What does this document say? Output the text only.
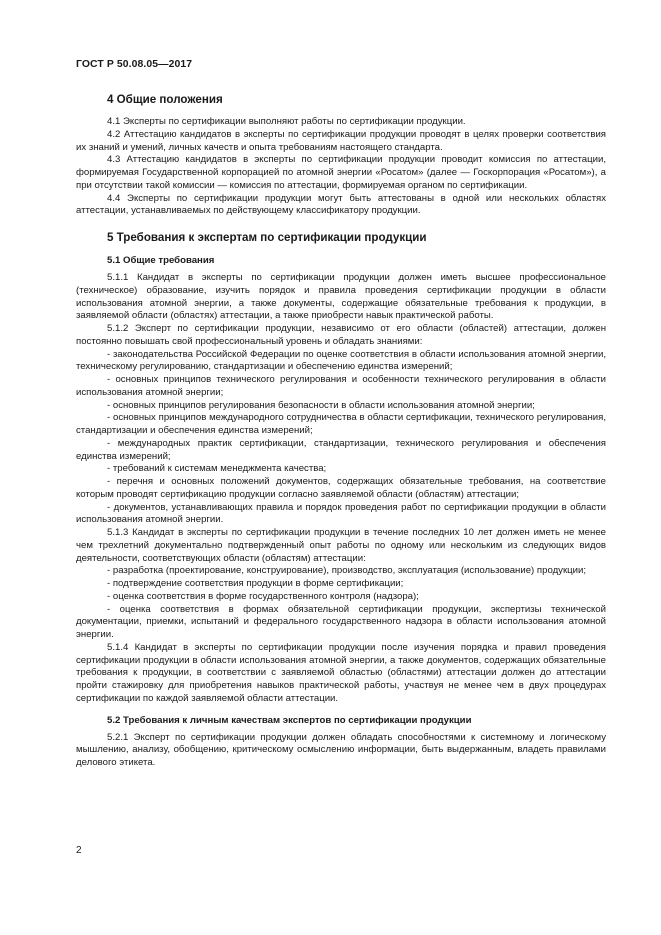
ГОСТ Р 50.08.05—2017
4 Общие положения

4.1 Эксперты по сертификации выполняют работы по сертификации продукции.

4.2 Аттестацию кандидатов в эксперты по сертификации продукции проводят в целях проверки соответствия их знаний и умений, личных качеств и опыта требованиям настоящего стандарта.

4.3 Аттестацию кандидатов в эксперты по сертификации продукции проводит комиссия по аттестации, формируемая Государственной корпорацией по атомной энергии «Росатом» (далее — Госкорпорация «Росатом»), а при отсутствии такой комиссии — комиссия по аттестации, формируемая органом по сертификации.

4.4 Эксперты по сертификации продукции могут быть аттестованы в одной или нескольких областях аттестации, устанавливаемых по действующему классификатору продукции.

5 Требования к экспертам по сертификации продукции
5.1 Общие требования

5.1.1 Кандидат в эксперты по сертификации продукции должен иметь высшее профессиональное (техническое) образование, изучить порядок и правила проведения сертификации продукции в области использования атомной энергии, а также документы, содержащие обязательные требования к продукции, в заявляемой области (областях) аттестации, а также приобрести навык практической работы.

5.1.2 Эксперт по сертификации продукции, независимо от его области (областей) аттестации, должен постоянно повышать свой профессиональный уровень и обладать знаниями:

- законодательства Российской Федерации по оценке соответствия в области использования атомной энергии, техническому регулированию, стандартизации и обеспечению единства измерений;

- основных принципов технического регулирования и особенности технического регулирования в области использования атомной энергии;

- основных принципов регулирования безопасности в области использования атомной энергии;

- основных принципов международного сотрудничества в области сертификации, технического регулирования, стандартизации и обеспечения единства измерений;

- международных практик сертификации, стандартизации, технического регулирования и обеспечения единства измерений;

- требований к системам менеджмента качества;

- перечня и основных положений документов, содержащих обязательные требования, на соответствие которым проводят сертификацию продукции согласно заявляемой области (областям) аттестации;

- документов, устанавливающих правила и порядок проведения работ по сертификации продукции в области использования атомной энергии.

5.1.3 Кандидат в эксперты по сертификации продукции в течение последних 10 лет должен иметь не менее чем трехлетний документально подтвержденный опыт работы по одному или нескольким из следующих видов деятельности, соответствующих области (областям) аттестации:

- разработка (проектирование, конструирование), производство, эксплуатация (использование) продукции;

- подтверждение соответствия продукции в форме сертификации;

- оценка соответствия в форме государственного контроля (надзора);

- оценка соответствия в формах обязательной сертификации продукции, экспертизы технической документации, приемки, испытаний и федерального государственного надзора в области использования атомной энергии.

5.1.4 Кандидат в эксперты по сертификации продукции после изучения порядка и правил проведения сертификации продукции в области использования атомной энергии, а также документов, содержащих обязательные требования к продукции, в соответствии с заявляемой областью (областями) аттестации должен до аттестации пройти стажировку для приобретения навыков практической работы, участвуя не менее чем в двух процедурах сертификации по каждой заявляемой области аттестации.

5.2 Требования к личным качествам экспертов по сертификации продукции

5.2.1 Эксперт по сертификации продукции должен обладать способностями к системному и логическому мышлению, анализу, обобщению, критическому осмыслению информации, быть выдержанным, владеть правилами делового этикета.

2
